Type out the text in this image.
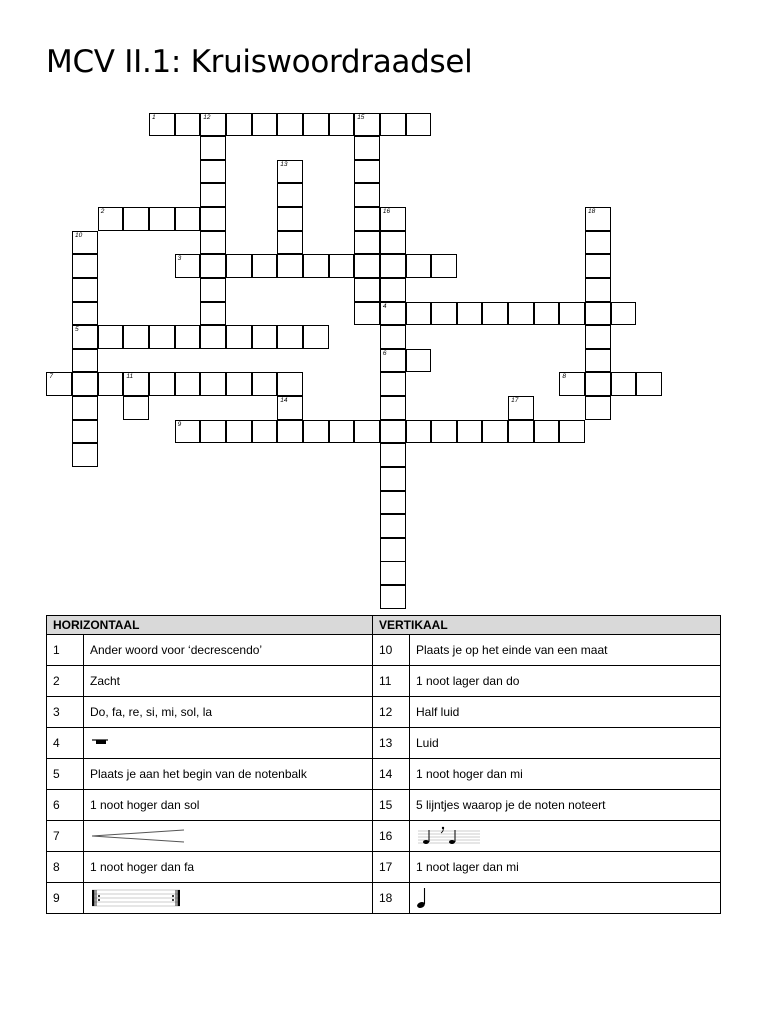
MCV II.1: Kruiswoordraadsel
1	12	15
13
2	16	18
10
3
4
5
6
7	11	8
14	17
9
HORIZONTAAL		VERTIKAAL	
1	Ander woord voor ‘decrescendo’	10	Plaats je op het einde van een maat
2	Zacht	11	1 noot lager dan do
3	Do, fa, re, si, mi, sol, la	12	Half luid
4		13	Luid
5	Plaats je aan het begin van de notenbalk	14	1 noot hoger dan mi
6	1 noot hoger dan sol	15	5 lijntjes waarop je de noten noteert
7		16	
8	1 noot hoger dan fa	17	1 noot lager dan mi
9		18	
